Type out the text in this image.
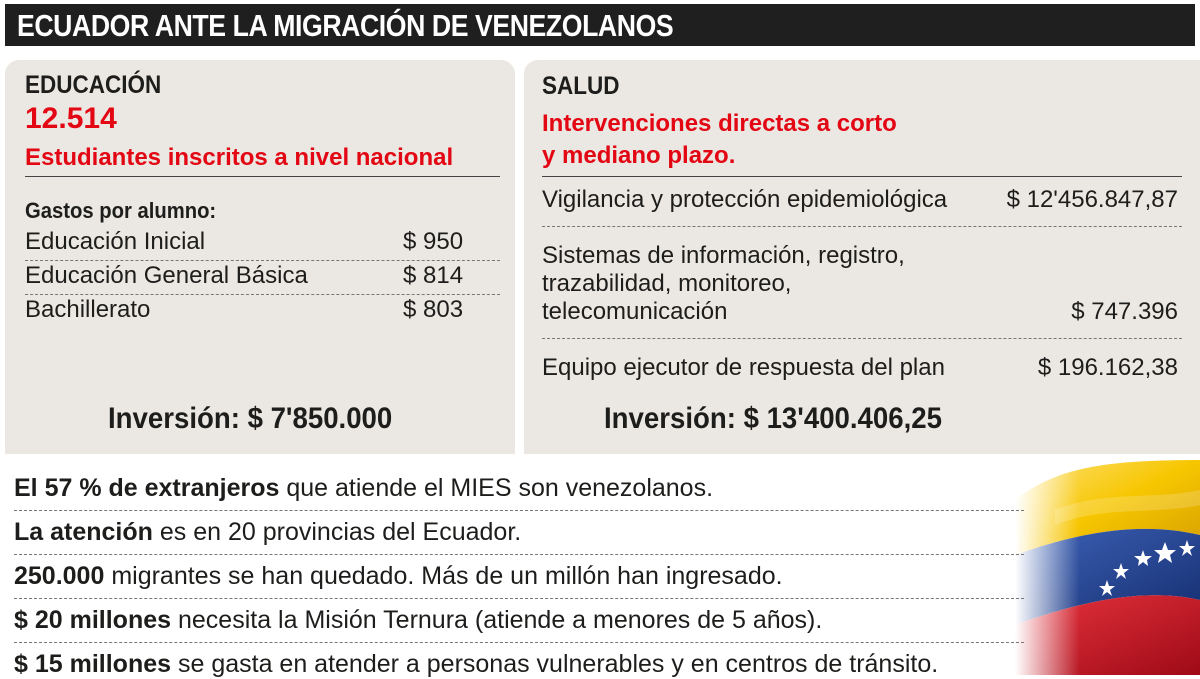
ECUADOR ANTE LA MIGRACIÓN DE VENEZOLANOS
EDUCACIÓN
12.514
Estudiantes inscritos a nivel nacional
Gastos por alumno:
Educación Inicial	$ 950
Educación General Básica	$ 814
Bachillerato	$ 803
Inversión: $ 7'850.000
SALUD
Intervenciones directas a corto
y mediano plazo.
Vigilancia y protección epidemiológica $ 12'456.847,87
Sistemas de información, registro,
trazabilidad, monitoreo,
telecomunicación	$ 747.396
Equipo ejecutor de respuesta del plan	$ 196.162,38
Inversión: $ 13'400.406,25
El 57 % de extranjeros que atiende el MIES son venezolanos.
La atención es en 20 provincias del Ecuador.
250.000 migrantes se han quedado. Más de un millón han ingresado.
$ 20 millones necesita la Misión Ternura (atiende a menores de 5 años).
$ 15 millones se gasta en atender a personas vulnerables y en centros de tránsito.
